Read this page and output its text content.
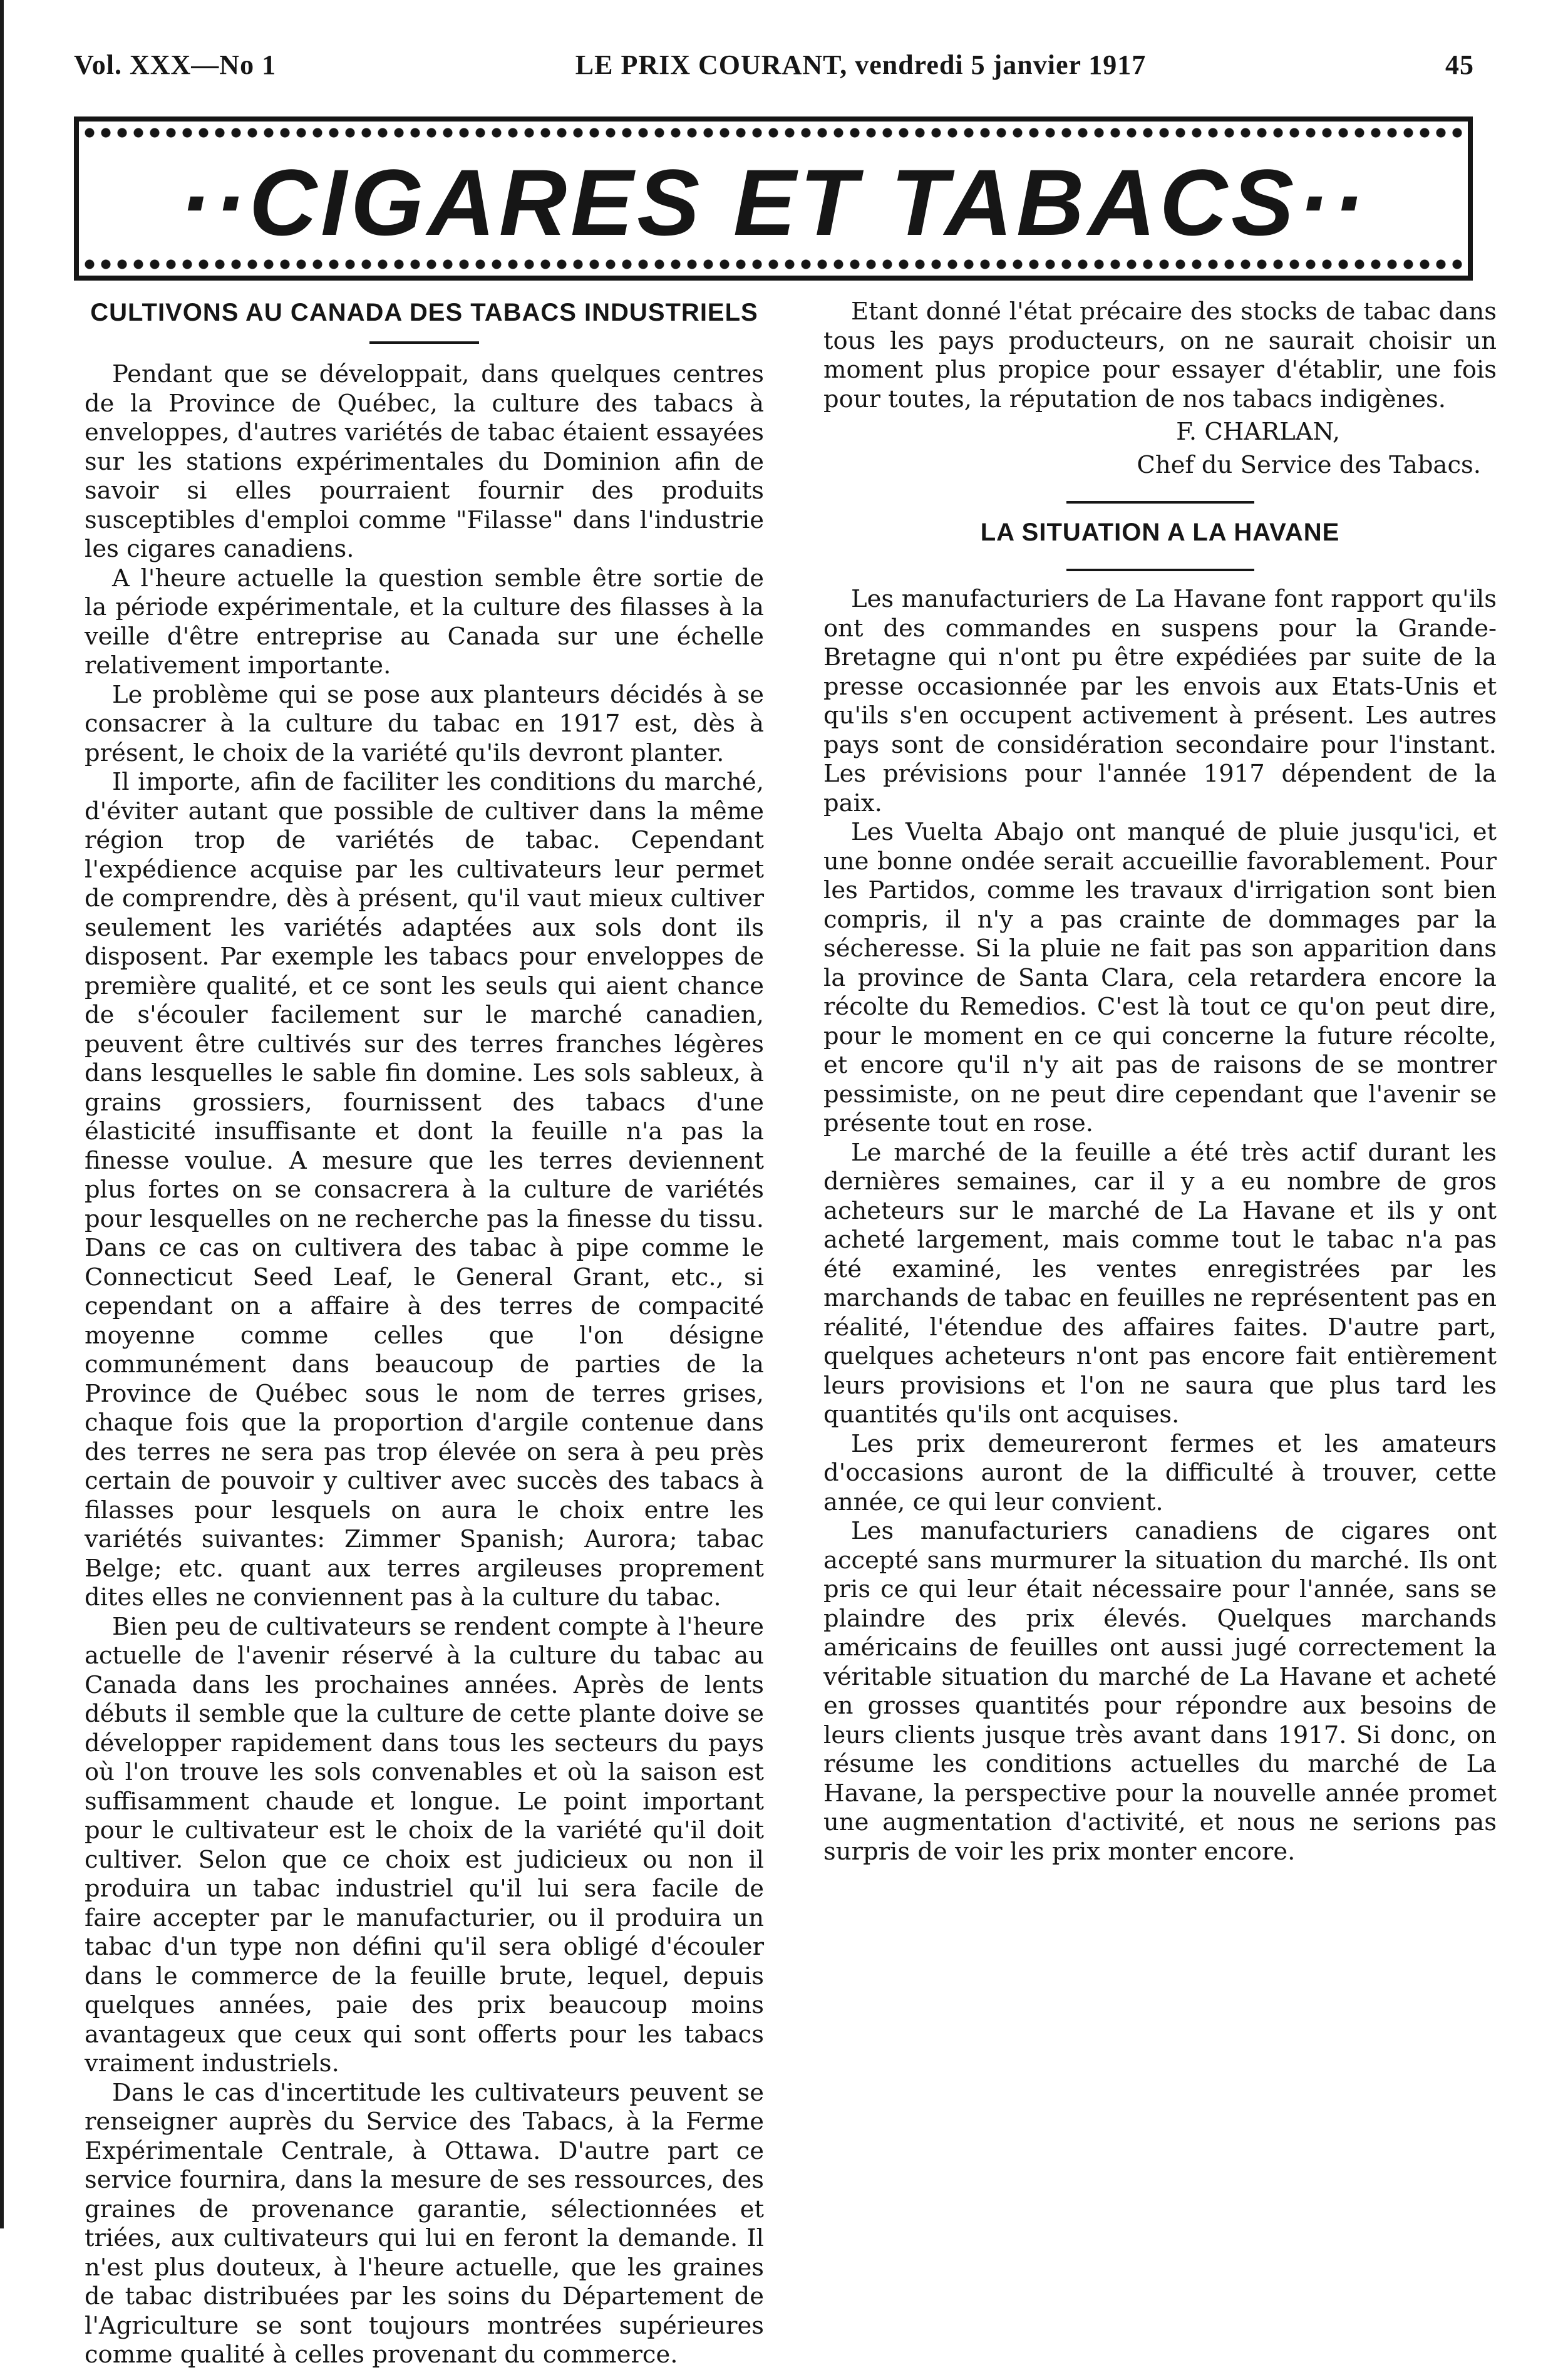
Vol. XXX—No 1	LE PRIX COURANT, vendredi 5 janvier 1917	45
··CIGARES ET TABACS··
CULTIVONS AU CANADA DES TABACS INDUSTRIELS

Pendant que se développait, dans quelques centres de la Province de Québec, la culture des tabacs à enveloppes, d'autres variétés de tabac étaient essayées sur les stations expérimentales du Dominion afin de savoir si elles pourraient fournir des produits susceptibles d'emploi comme "Filasse" dans l'industrie les cigares canadiens.

A l'heure actuelle la question semble être sortie de la période expérimentale, et la culture des filasses à la veille d'être entreprise au Canada sur une échelle relativement importante.

Le problème qui se pose aux planteurs décidés à se consacrer à la culture du tabac en 1917 est, dès à présent, le choix de la variété qu'ils devront planter.

Il importe, afin de faciliter les conditions du marché, d'éviter autant que possible de cultiver dans la même région trop de variétés de tabac. Cependant l'expédience acquise par les cultivateurs leur permet de comprendre, dès à présent, qu'il vaut mieux cultiver seulement les variétés adaptées aux sols dont ils disposent. Par exemple les tabacs pour enveloppes de première qualité, et ce sont les seuls qui aient chance de s'écouler facilement sur le marché canadien, peuvent être cultivés sur des terres franches légères dans lesquelles le sable fin domine. Les sols sableux, à grains grossiers, fournissent des tabacs d'une élasticité insuffisante et dont la feuille n'a pas la finesse voulue. A mesure que les terres deviennent plus fortes on se consacrera à la culture de variétés pour lesquelles on ne recherche pas la finesse du tissu. Dans ce cas on cultivera des tabac à pipe comme le Connecticut Seed Leaf, le General Grant, etc., si cependant on a affaire à des terres de compacité moyenne comme celles que l'on désigne communément dans beaucoup de parties de la Province de Québec sous le nom de terres grises, chaque fois que la proportion d'argile contenue dans des terres ne sera pas trop élevée on sera à peu près certain de pouvoir y cultiver avec succès des tabacs à filasses pour lesquels on aura le choix entre les variétés suivantes: Zimmer Spanish; Aurora; tabac Belge; etc. quant aux terres argileuses proprement dites elles ne conviennent pas à la culture du tabac.

Bien peu de cultivateurs se rendent compte à l'heure actuelle de l'avenir réservé à la culture du tabac au Canada dans les prochaines années. Après de lents débuts il semble que la culture de cette plante doive se développer rapidement dans tous les secteurs du pays où l'on trouve les sols convenables et où la saison est suffisamment chaude et longue. Le point important pour le cultivateur est le choix de la variété qu'il doit cultiver. Selon que ce choix est judicieux ou non il produira un tabac industriel qu'il lui sera facile de faire accepter par le manufacturier, ou il produira un tabac d'un type non défini qu'il sera obligé d'écouler dans le commerce de la feuille brute, lequel, depuis quelques années, paie des prix beaucoup moins avantageux que ceux qui sont offerts pour les tabacs vraiment industriels.

Dans le cas d'incertitude les cultivateurs peuvent se renseigner auprès du Service des Tabacs, à la Ferme Expérimentale Centrale, à Ottawa. D'autre part ce service fournira, dans la mesure de ses ressources, des graines de provenance garantie, sélectionnées et triées, aux cultivateurs qui lui en feront la demande. Il n'est plus douteux, à l'heure actuelle, que les graines de tabac distribuées par les soins du Département de l'Agriculture se sont toujours montrées supérieures comme qualité à celles provenant du commerce.

Etant donné l'état précaire des stocks de tabac dans tous les pays producteurs, on ne saurait choisir un moment plus propice pour essayer d'établir, une fois pour toutes, la réputation de nos tabacs indigènes.

F. CHARLAN,
Chef du Service des Tabacs.
LA SITUATION A LA HAVANE

Les manufacturiers de La Havane font rapport qu'ils ont des commandes en suspens pour la Grande-Bretagne qui n'ont pu être expédiées par suite de la presse occasionnée par les envois aux Etats-Unis et qu'ils s'en occupent activement à présent. Les autres pays sont de considération secondaire pour l'instant. Les prévisions pour l'année 1917 dépendent de la paix.

Les Vuelta Abajo ont manqué de pluie jusqu'ici, et une bonne ondée serait accueillie favorablement. Pour les Partidos, comme les travaux d'irrigation sont bien compris, il n'y a pas crainte de dommages par la sécheresse. Si la pluie ne fait pas son apparition dans la province de Santa Clara, cela retardera encore la récolte du Remedios. C'est là tout ce qu'on peut dire, pour le moment en ce qui concerne la future récolte, et encore qu'il n'y ait pas de raisons de se montrer pessimiste, on ne peut dire cependant que l'avenir se présente tout en rose.

Le marché de la feuille a été très actif durant les dernières semaines, car il y a eu nombre de gros acheteurs sur le marché de La Havane et ils y ont acheté largement, mais comme tout le tabac n'a pas été examiné, les ventes enregistrées par les marchands de tabac en feuilles ne représentent pas en réalité, l'étendue des affaires faites. D'autre part, quelques acheteurs n'ont pas encore fait entièrement leurs provisions et l'on ne saura que plus tard les quantités qu'ils ont acquises.

Les prix demeureront fermes et les amateurs d'occasions auront de la difficulté à trouver, cette année, ce qui leur convient.

Les manufacturiers canadiens de cigares ont accepté sans murmurer la situation du marché. Ils ont pris ce qui leur était nécessaire pour l'année, sans se plaindre des prix élevés. Quelques marchands américains de feuilles ont aussi jugé correctement la véritable situation du marché de La Havane et acheté en grosses quantités pour répondre aux besoins de leurs clients jusque très avant dans 1917. Si donc, on résume les conditions actuelles du marché de La Havane, la perspective pour la nouvelle année promet une augmentation d'activité, et nous ne serions pas surpris de voir les prix monter encore.
